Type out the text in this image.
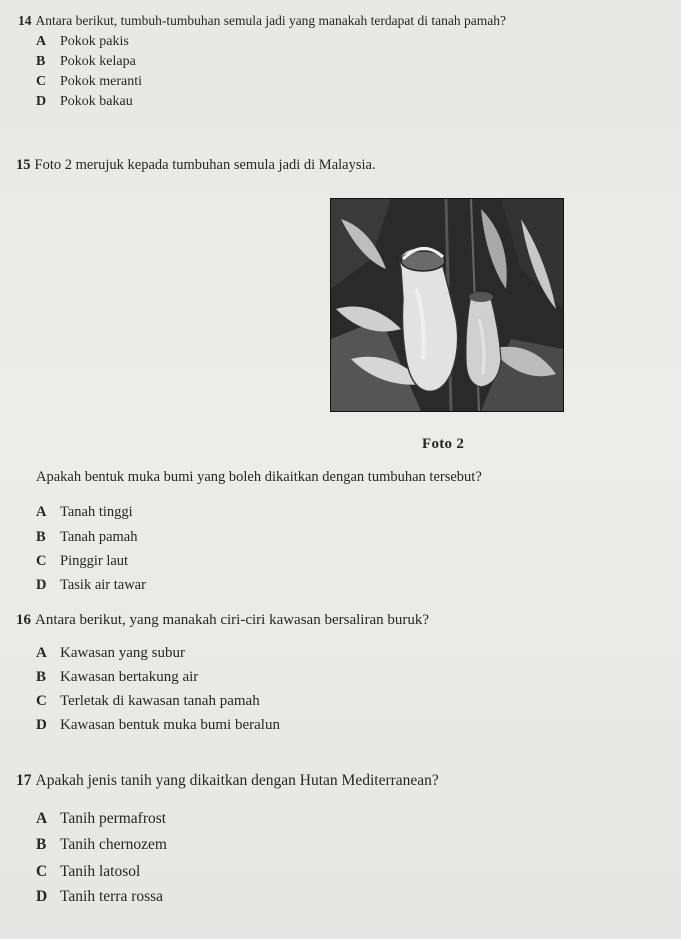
14 Antara berikut, tumbuh-tumbuhan semula jadi yang manakah terdapat di tanah pamah?
A Pokok pakis
B Pokok kelapa
C Pokok meranti
D Pokok bakau
15 Foto 2 merujuk kepada tumbuhan semula jadi di Malaysia.
Foto 2
Apakah bentuk muka bumi yang boleh dikaitkan dengan tumbuhan tersebut?
A Tanah tinggi
B Tanah pamah
C Pinggir laut
D Tasik air tawar
16 Antara berikut, yang manakah ciri-ciri kawasan bersaliran buruk?
A Kawasan yang subur
B Kawasan bertakung air
C Terletak di kawasan tanah pamah
D Kawasan bentuk muka bumi beralun
17 Apakah jenis tanih yang dikaitkan dengan Hutan Mediterranean?
A Tanih permafrost
B Tanih chernozem
C Tanih latosol
D Tanih terra rossa
